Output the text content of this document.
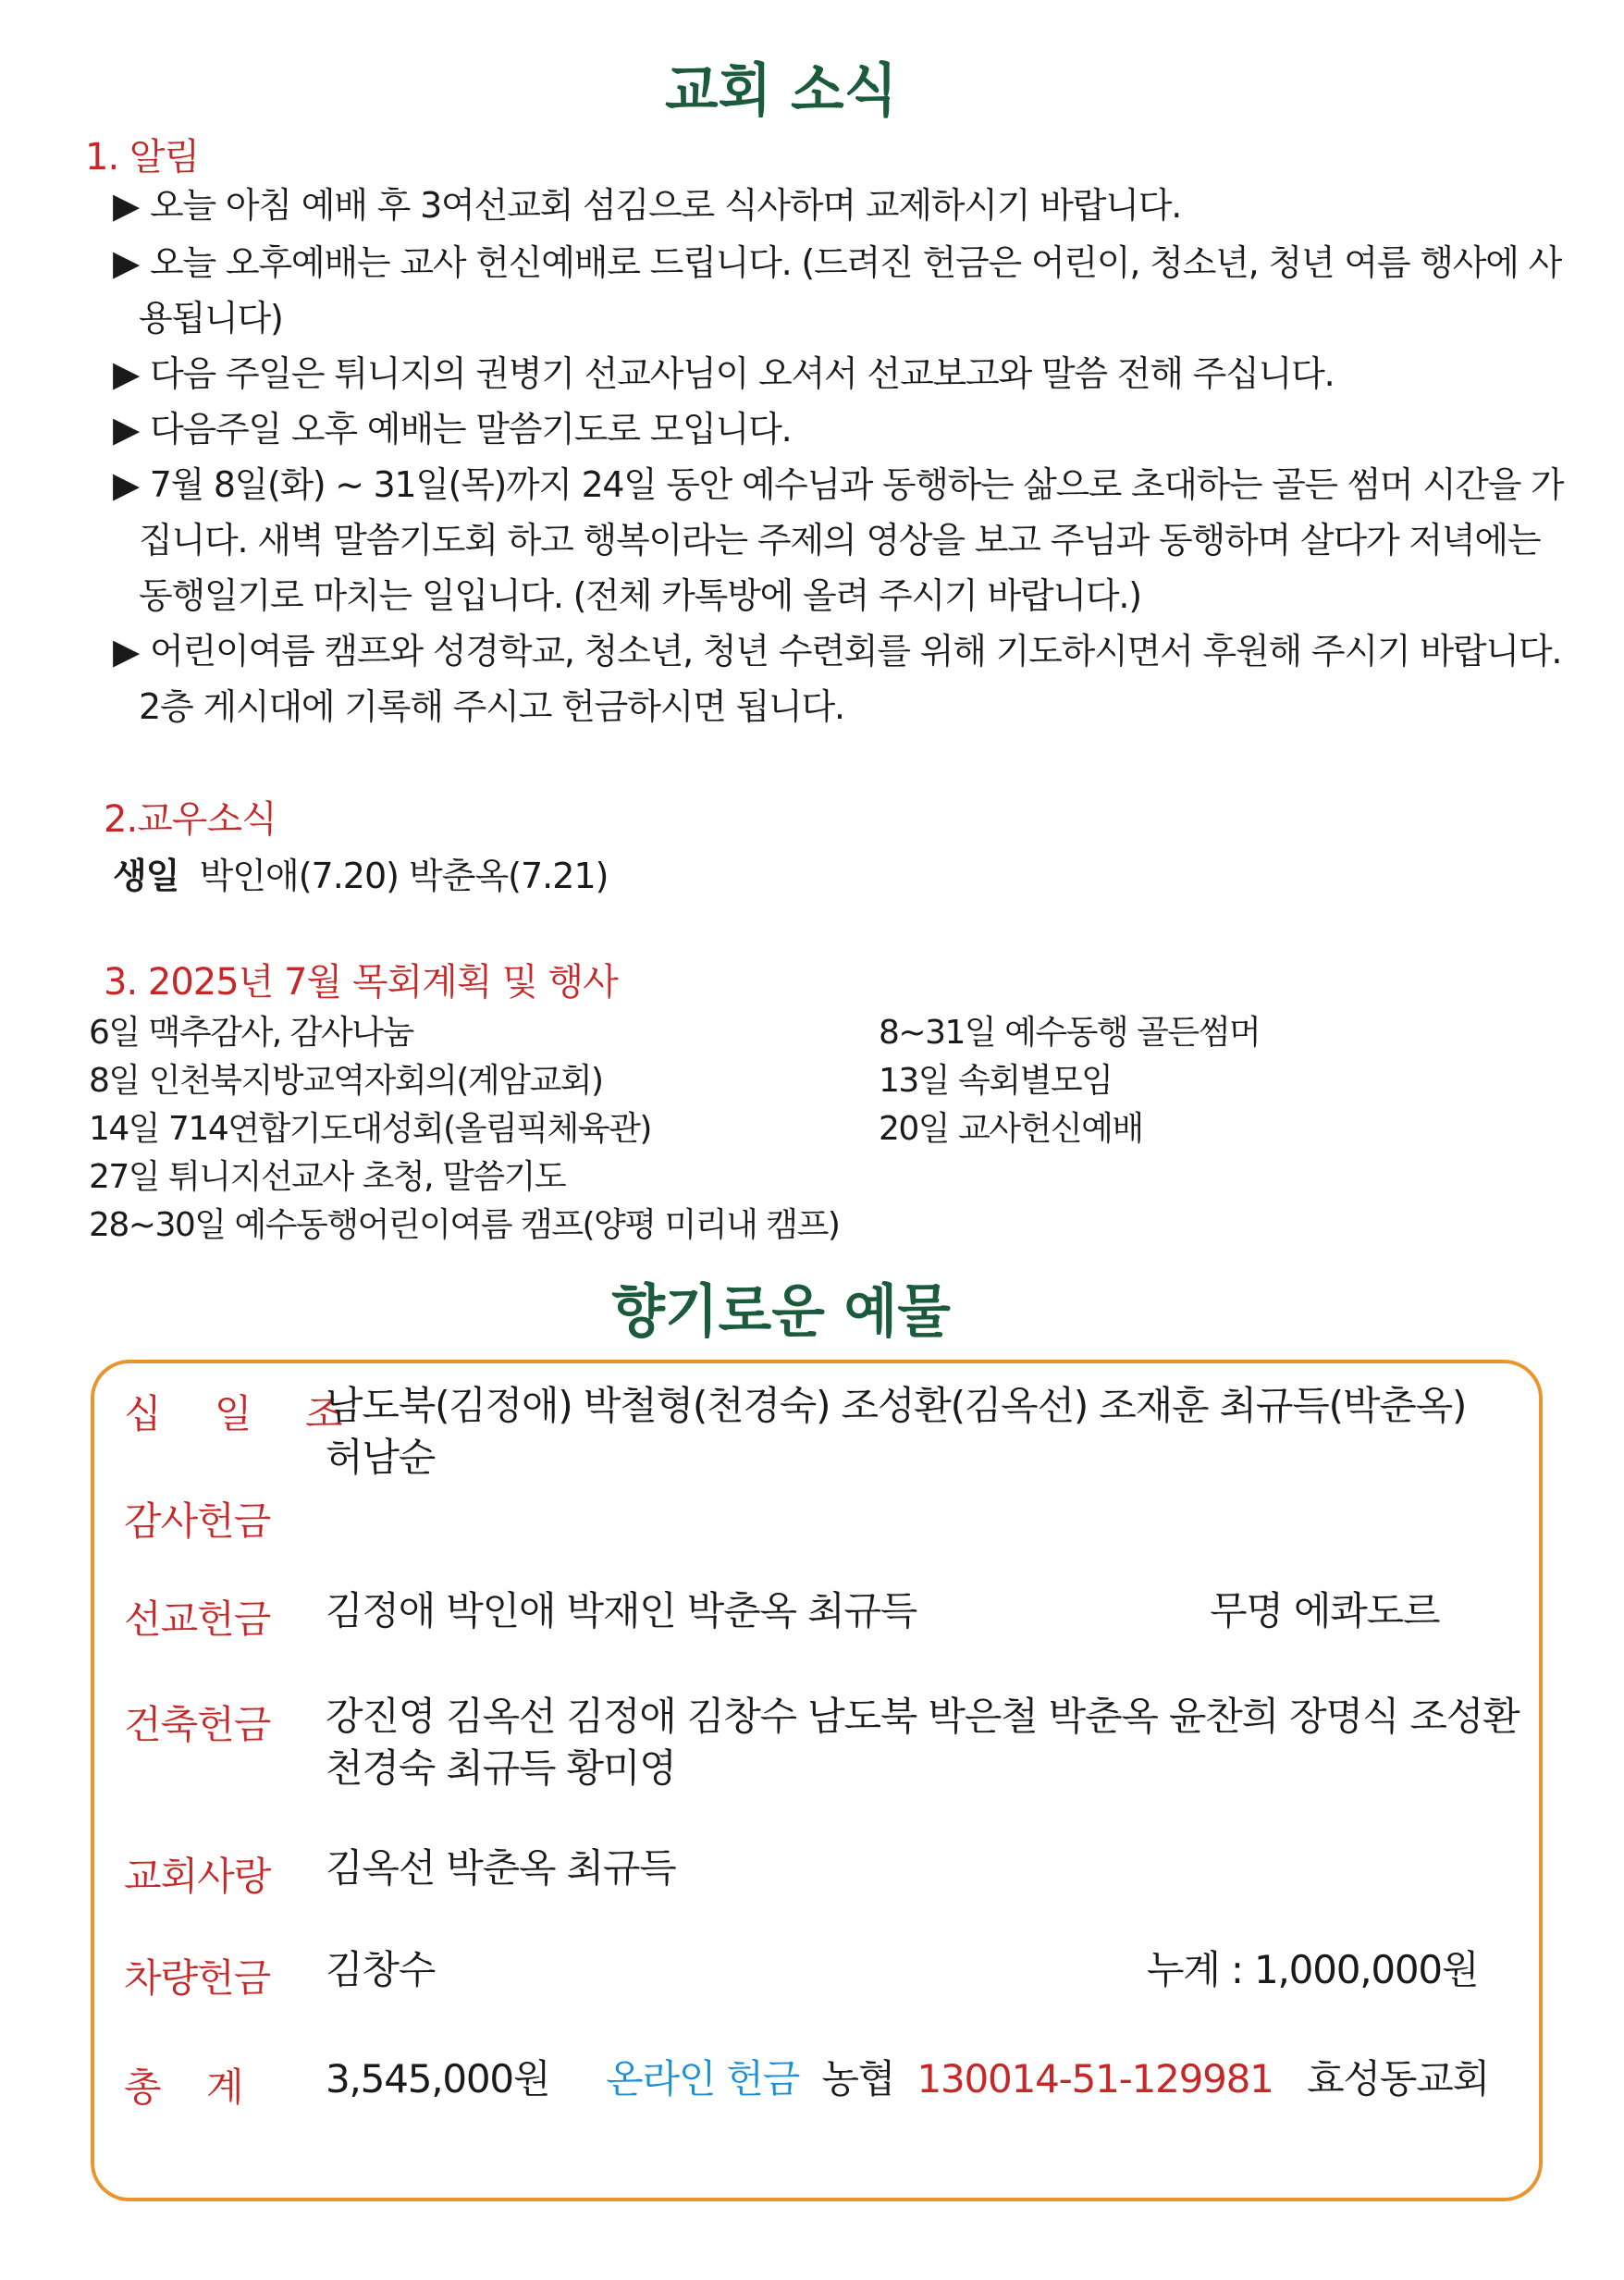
교회 소식
1. 알림
▶ 오늘 아침 예배 후 3여선교회 섬김으로 식사하며 교제하시기 바랍니다.
▶ 오늘 오후예배는 교사 헌신예배로 드립니다. (드려진 헌금은 어린이, 청소년, 청년 여름 행사에 사
용됩니다)
▶ 다음 주일은 튀니지의 권병기 선교사님이 오셔서 선교보고와 말씀 전해 주십니다.
▶ 다음주일 오후 예배는 말씀기도로 모입니다.
▶ 7월 8일(화) ~ 31일(목)까지 24일 동안 예수님과 동행하는 삶으로 초대하는 골든 썸머 시간을 가
집니다. 새벽 말씀기도회 하고 행복이라는 주제의 영상을 보고 주님과 동행하며 살다가 저녁에는
동행일기로 마치는 일입니다. (전체 카톡방에 올려 주시기 바랍니다.)
▶ 어린이여름 캠프와 성경학교, 청소년, 청년 수련회를 위해 기도하시면서 후원해 주시기 바랍니다.
2층 게시대에 기록해 주시고 헌금하시면 됩니다.
2.교우소식
생일 박인애(7.20) 박춘옥(7.21)
3. 2025년 7월 목회계획 및 행사
6일 맥추감사, 감사나눔
8일 인천북지방교역자회의(계암교회)
14일 714연합기도대성회(올림픽체육관)
27일 튀니지선교사 초청, 말씀기도
28~30일 예수동행어린이여름 캠프(양평 미리내 캠프)
8~31일 예수동행 골든썸머
13일 속회별모임
20일 교사헌신예배
향기로운 예물
십 일 조
남도북(김정애) 박철형(천경숙) 조성환(김옥선) 조재훈 최규득(박춘옥)
허남순
감사헌금
선교헌금 김정애 박인애 박재인 박춘옥 최규득	무명 에콰도르
건축헌금 강진영 김옥선 김정애 김창수 남도북 박은철 박춘옥 윤찬희 장명식 조성환
천경숙 최규득 황미영
교회사랑 김옥선 박춘옥 최규득
차량헌금 김창수	누계 : 1,000,000원
총    계 3,545,000원 온라인 헌금 농협 130014-51-129981 효성동교회
